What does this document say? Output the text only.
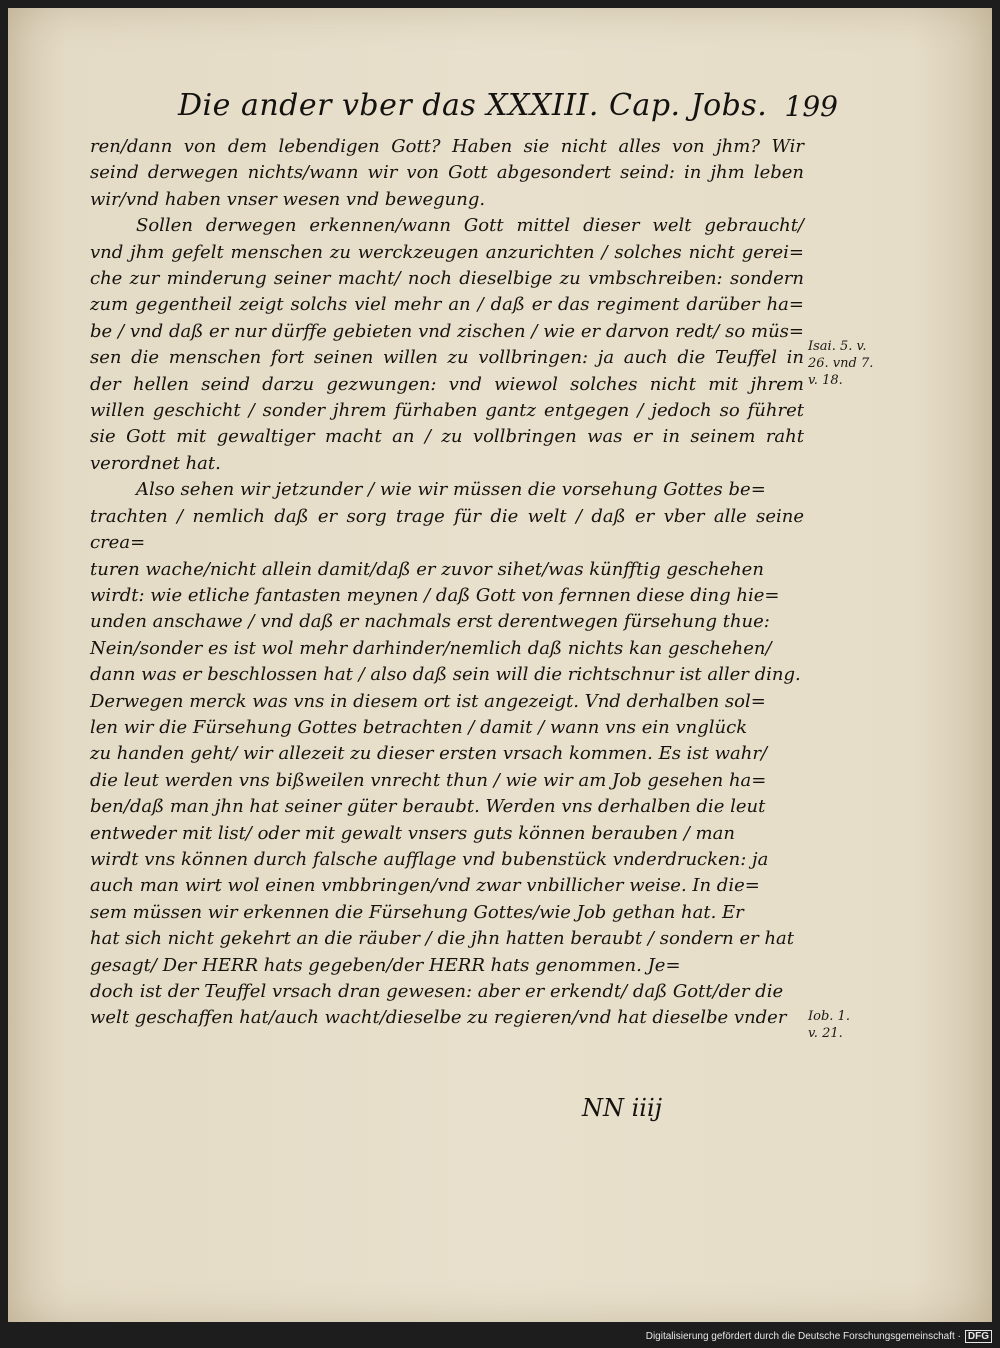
Die ander vber das XXXIII. Cap. Jobs. 199

ren/dann von dem lebendigen Gott? Haben sie nicht alles von jhm? Wir
seind derwegen nichts/wann wir von Gott abgesondert seind: in jhm leben

wir/vnd haben vnser wesen vnd bewegung.

Sollen derwegen erkennen/wann Gott mittel dieser welt gebraucht/
vnd jhm gefelt menschen zu werckzeugen anzurichten / solches nicht gerei=
che zur minderung seiner macht/ noch dieselbige zu vmbschreiben: sondern
zum gegentheil zeigt solchs viel mehr an / daß er das regiment darüber ha=
be / vnd daß er nur dürffe gebieten vnd zischen / wie er darvon redt/ so müs=
sen die menschen fort seinen willen zu vollbringen: ja auch die Teuffel in
der hellen seind darzu gezwungen: vnd wiewol solches nicht mit jhrem
willen geschicht / sonder jhrem fürhaben gantz entgegen / jedoch so führet
sie Gott mit gewaltiger macht an / zu vollbringen was er in seinem raht

verordnet hat.

Also sehen wir jetzunder / wie wir müssen die vorsehung Gottes be=
trachten / nemlich daß er sorg trage für die welt / daß er vber alle seine crea=
turen wache/nicht allein damit/daß er zuvor sihet/was künfftig geschehen
wirdt: wie etliche fantasten meynen / daß Gott von fernnen diese ding hie=
unden anschawe / vnd daß er nachmals erst derentwegen fürsehung thue:
Nein/sonder es ist wol mehr darhinder/nemlich daß nichts kan geschehen/
dann was er beschlossen hat / also daß sein will die richtschnur ist aller ding.
Derwegen merck was vns in diesem ort ist angezeigt. Vnd derhalben sol=
len wir die Fürsehung Gottes betrachten / damit / wann vns ein vnglück
zu handen geht/ wir allezeit zu dieser ersten vrsach kommen. Es ist wahr/
die leut werden vns bißweilen vnrecht thun / wie wir am Job gesehen ha=
ben/daß man jhn hat seiner güter beraubt. Werden vns derhalben die leut
entweder mit list/ oder mit gewalt vnsers guts können berauben / man
wirdt vns können durch falsche aufflage vnd bubenstück vnderdrucken: ja
auch man wirt wol einen vmbbringen/vnd zwar vnbillicher weise. In die=
sem müssen wir erkennen die Fürsehung Gottes/wie Job gethan hat. Er
hat sich nicht gekehrt an die räuber / die jhn hatten beraubt / sondern er hat
gesagt/ Der HERR hats gegeben/der HERR hats genommen. Je=
doch ist der Teuffel vrsach dran gewesen: aber er erkendt/ daß Gott/der die
welt geschaffen hat/auch wacht/dieselbe zu regieren/vnd hat dieselbe vnder

Isai. 5. v.
26. vnd 7.
v. 18.
Iob. 1.
v. 21.
NN iiij
Digitalisierung gefördert durch die Deutsche Forschungsgemeinschaft · DFG
